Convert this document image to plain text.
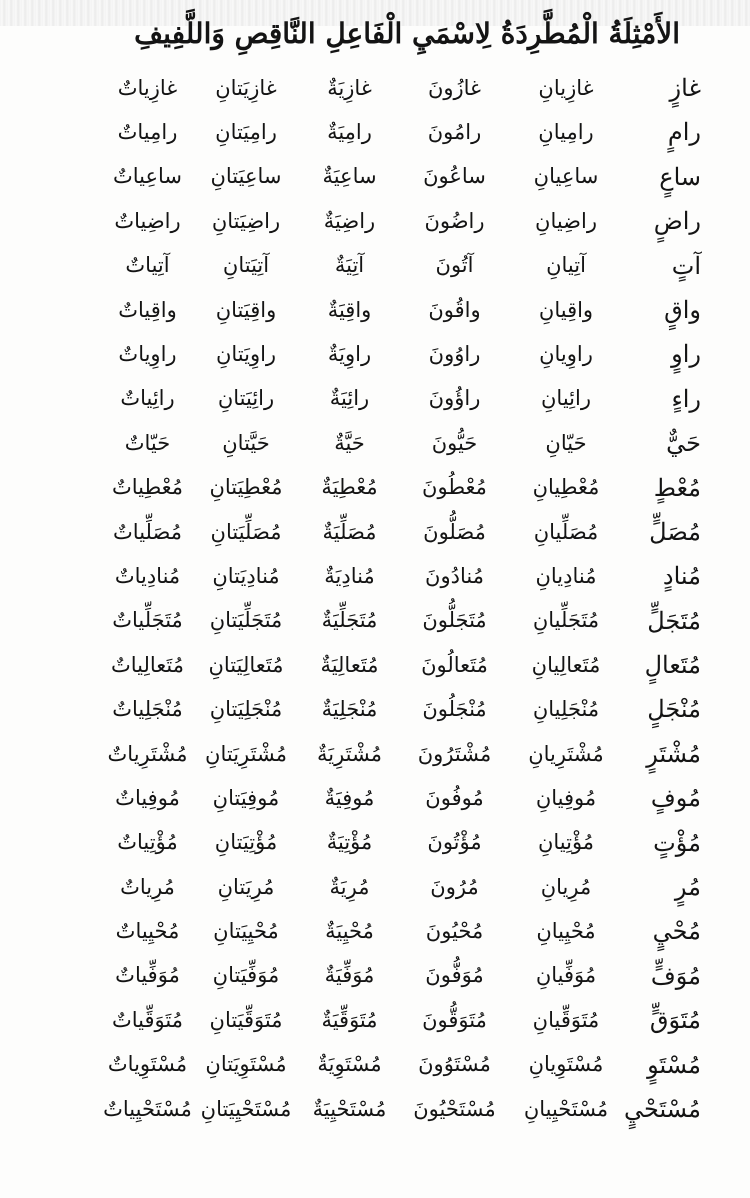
الأَمْثِلَةُ الْمُطَّرِدَةُ لِاسْمَيِ الْفَاعِلِ النَّاقِصِ وَاللَّفِيفِ
غازٍ
غازِيانِ
غازُونَ
غازِيَةٌ
غازِيَتانِ
غازِياتٌ
رامٍ
رامِيانِ
رامُونَ
رامِيَةٌ
رامِيَتانِ
رامِياتٌ
ساعٍ
ساعِيانِ
ساعُونَ
ساعِيَةٌ
ساعِيَتانِ
ساعِياتٌ
راضٍ
راضِيانِ
راضُونَ
راضِيَةٌ
راضِيَتانِ
راضِياتٌ
آتٍ
آتِيانِ
آتُونَ
آتِيَةٌ
آتِيَتانِ
آتِياتٌ
واقٍ
واقِيانِ
واقُونَ
واقِيَةٌ
واقِيَتانِ
واقِياتٌ
راوٍ
راوِيانِ
راوُونَ
راوِيَةٌ
راوِيَتانِ
راوِياتٌ
راءٍ
رائِيانِ
راؤُونَ
رائِيَةٌ
رائِيَتانِ
رائِياتٌ
حَيٌّ
حَيّانِ
حَيُّونَ
حَيَّةٌ
حَيَّتانِ
حَيّاتٌ
مُعْطٍ
مُعْطِيانِ
مُعْطُونَ
مُعْطِيَةٌ
مُعْطِيَتانِ
مُعْطِياتٌ
مُصَلٍّ
مُصَلِّيانِ
مُصَلُّونَ
مُصَلِّيَةٌ
مُصَلِّيَتانِ
مُصَلِّياتٌ
مُنادٍ
مُنادِيانِ
مُنادُونَ
مُنادِيَةٌ
مُنادِيَتانِ
مُنادِياتٌ
مُتَجَلٍّ
مُتَجَلِّيانِ
مُتَجَلُّونَ
مُتَجَلِّيَةٌ
مُتَجَلِّيَتانِ
مُتَجَلِّياتٌ
مُتَعالٍ
مُتَعالِيانِ
مُتَعالُونَ
مُتَعالِيَةٌ
مُتَعالِيَتانِ
مُتَعالِياتٌ
مُنْجَلٍ
مُنْجَلِيانِ
مُنْجَلُونَ
مُنْجَلِيَةٌ
مُنْجَلِيَتانِ
مُنْجَلِياتٌ
مُشْتَرٍ
مُشْتَرِيانِ
مُشْتَرُونَ
مُشْتَرِيَةٌ
مُشْتَرِيَتانِ
مُشْتَرِياتٌ
مُوفٍ
مُوفِيانِ
مُوفُونَ
مُوفِيَةٌ
مُوفِيَتانِ
مُوفِياتٌ
مُؤْتٍ
مُؤْتِيانِ
مُؤْتُونَ
مُؤْتِيَةٌ
مُؤْتِيَتانِ
مُؤْتِياتٌ
مُرٍ
مُرِيانِ
مُرُونَ
مُرِيَةٌ
مُرِيَتانِ
مُرِياتٌ
مُحْيٍ
مُحْيِيانِ
مُحْيُونَ
مُحْيِيَةٌ
مُحْيِيَتانِ
مُحْيِياتٌ
مُوَفٍّ
مُوَفِّيانِ
مُوَفُّونَ
مُوَفِّيَةٌ
مُوَفِّيَتانِ
مُوَفِّياتٌ
مُتَوَقٍّ
مُتَوَقِّيانِ
مُتَوَقُّونَ
مُتَوَقِّيَةٌ
مُتَوَقِّيَتانِ
مُتَوَقِّياتٌ
مُسْتَوٍ
مُسْتَوِيانِ
مُسْتَوُونَ
مُسْتَوِيَةٌ
مُسْتَوِيَتانِ
مُسْتَوِياتٌ
مُسْتَحْيٍ
مُسْتَحْيِيانِ
مُسْتَحْيُونَ
مُسْتَحْيِيَةٌ
مُسْتَحْيِيَتانِ
مُسْتَحْيِياتٌ
